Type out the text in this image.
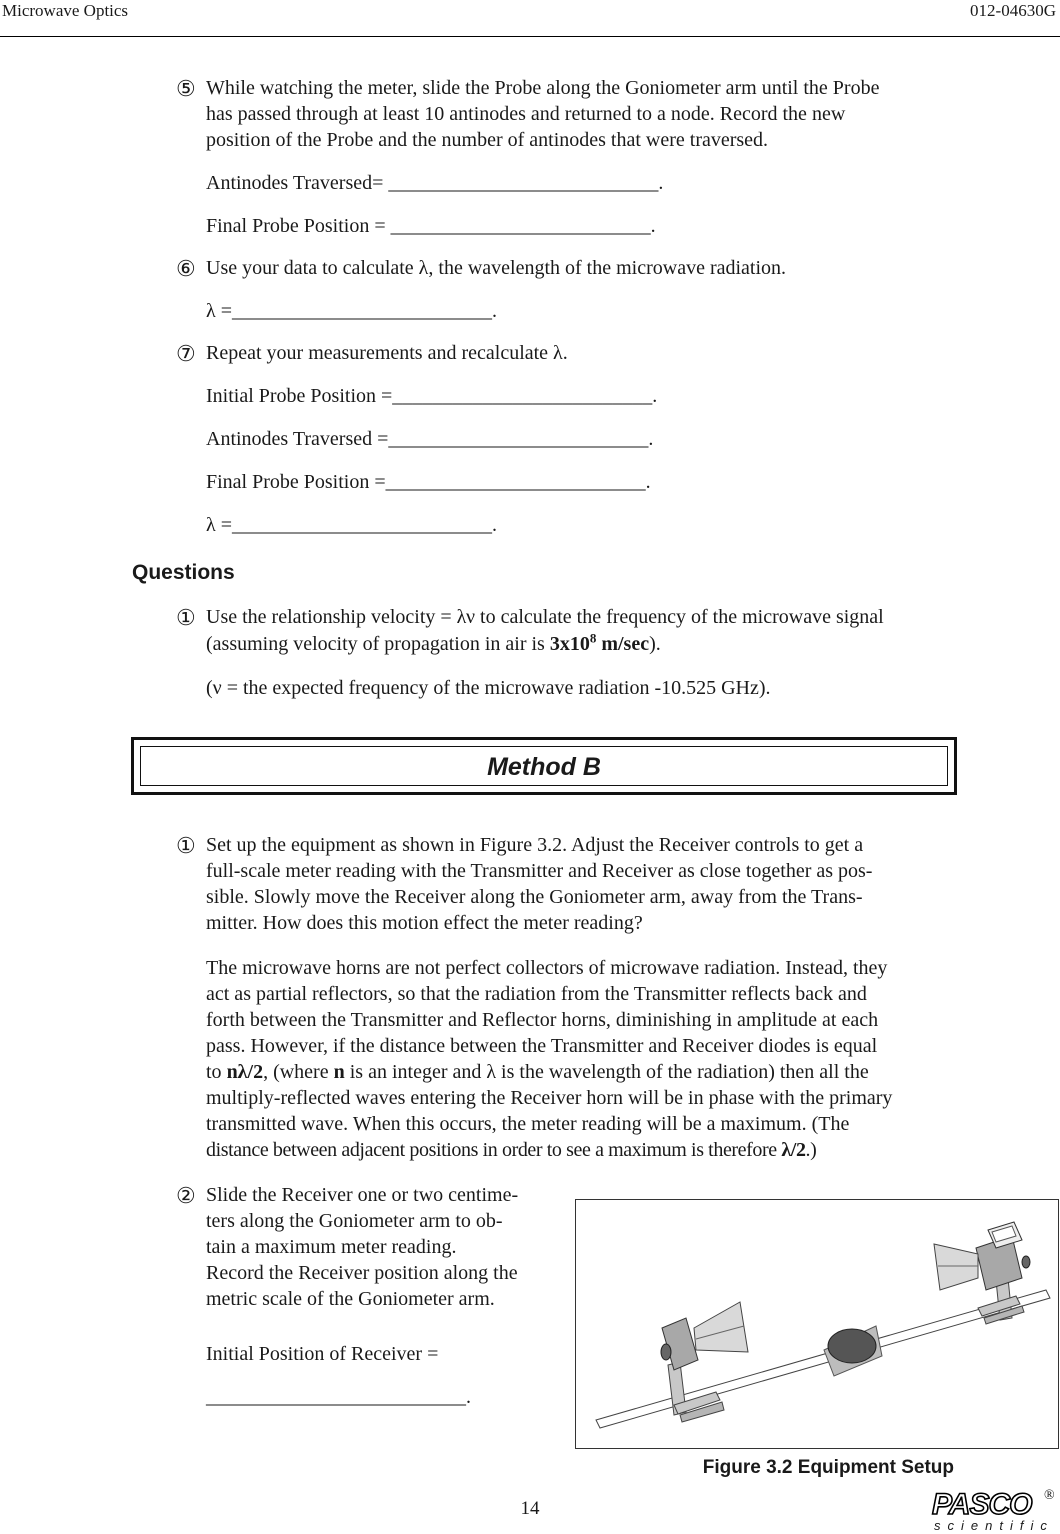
Microwave Optics	012-04630G
⑤ While watching the meter, slide the Probe along the Goniometer arm until the Probe
has passed through at least 10 antinodes and returned to a node. Record the new
position of the Probe and the number of antinodes that were traversed.
Antinodes Traversed= ___________________________.
Final Probe Position = __________________________.
⑥ Use your data to calculate λ, the wavelength of the microwave radiation.
λ =__________________________.
⑦ Repeat your measurements and recalculate λ.
Initial Probe Position =__________________________.
Antinodes Traversed =__________________________.
Final Probe Position =__________________________.
λ =__________________________.
Questions
① Use the relationship velocity = λν to calculate the frequency of the microwave signal
(assuming velocity of propagation in air is $3x10^8$ m/sec).
(ν = the expected frequency of the microwave radiation -10.525 GHz).
Method B
① Set up the equipment as shown in Figure 3.2. Adjust the Receiver controls to get a
full-scale meter reading with the Transmitter and Receiver as close together as pos-
sible. Slowly move the Receiver along the Goniometer arm, away from the Trans-
mitter. How does this motion effect the meter reading?
The microwave horns are not perfect collectors of microwave radiation. Instead, they
act as partial reflectors, so that the radiation from the Transmitter reflects back and
forth between the Transmitter and Reflector horns, diminishing in amplitude at each
pass. However, if the distance between the Transmitter and Receiver diodes is equal
to nλ/2, (where n is an integer and λ is the wavelength of the radiation) then all the
multiply-reflected waves entering the Receiver horn will be in phase with the primary
transmitted wave. When this occurs, the meter reading will be a maximum. (The
distance between adjacent positions in order to see a maximum is therefore λ/2.)
② Slide the Receiver one or two centime-
ters along the Goniometer arm to ob-
tain a maximum meter reading.
Record the Receiver position along the
metric scale of the Goniometer arm.
Initial Position of Receiver =
__________________________.
Figure 3.2 Equipment Setup
14	PASCO ®
scientific
